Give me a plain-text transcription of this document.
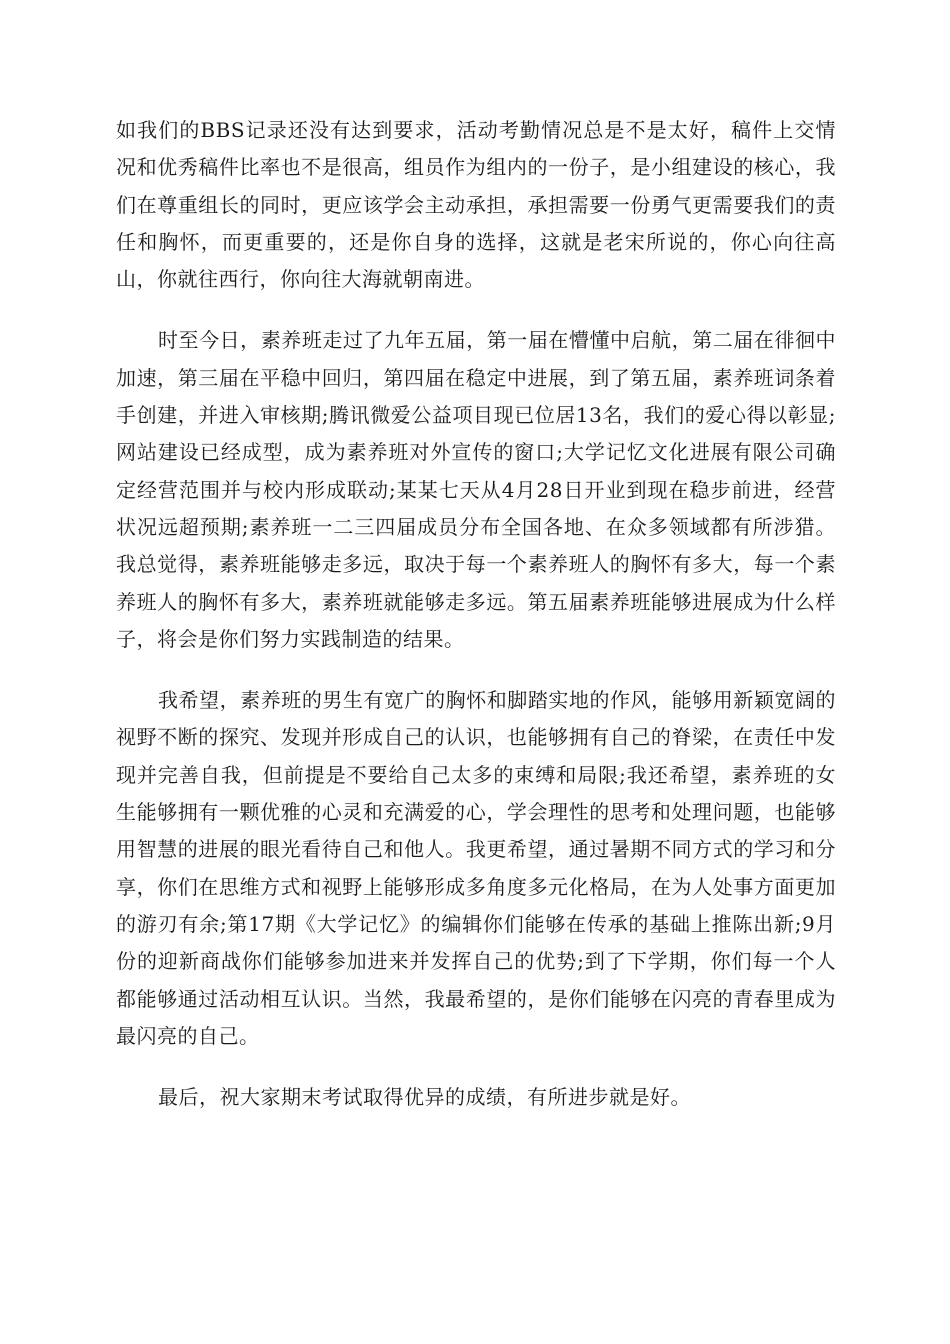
如我们的BBS记录还没有达到要求，活动考勤情况总是不是太好，稿件上交情况和优秀稿件比率也不是很高，组员作为组内的一份子，是小组建设的核心，我们在尊重组长的同时，更应该学会主动承担，承担需要一份勇气更需要我们的责任和胸怀，而更重要的，还是你自身的选择，这就是老宋所说的，你心向往高山，你就往西行，你向往大海就朝南进。

时至今日，素养班走过了九年五届，第一届在懵懂中启航，第二届在徘徊中加速，第三届在平稳中回归，第四届在稳定中进展，到了第五届，素养班词条着手创建，并进入审核期;腾讯微爱公益项目现已位居13名，我们的爱心得以彰显;网站建设已经成型，成为素养班对外宣传的窗口;大学记忆文化进展有限公司确定经营范围并与校内形成联动;某某七天从4月28日开业到现在稳步前进，经营状况远超预期;素养班一二三四届成员分布全国各地、在众多领域都有所涉猎。我总觉得，素养班能够走多远，取决于每一个素养班人的胸怀有多大，每一个素养班人的胸怀有多大，素养班就能够走多远。第五届素养班能够进展成为什么样子，将会是你们努力实践制造的结果。

我希望，素养班的男生有宽广的胸怀和脚踏实地的作风，能够用新颖宽阔的视野不断的探究、发现并形成自己的认识，也能够拥有自己的脊梁，在责任中发现并完善自我，但前提是不要给自己太多的束缚和局限;我还希望，素养班的女生能够拥有一颗优雅的心灵和充满爱的心，学会理性的思考和处理问题，也能够用智慧的进展的眼光看待自己和他人。我更希望，通过暑期不同方式的学习和分享，你们在思维方式和视野上能够形成多角度多元化格局，在为人处事方面更加的游刃有余;第17期《大学记忆》的编辑你们能够在传承的基础上推陈出新;9月份的迎新商战你们能够参加进来并发挥自己的优势;到了下学期，你们每一个人都能够通过活动相互认识。当然，我最希望的，是你们能够在闪亮的青春里成为最闪亮的自己。

最后，祝大家期末考试取得优异的成绩，有所进步就是好。
